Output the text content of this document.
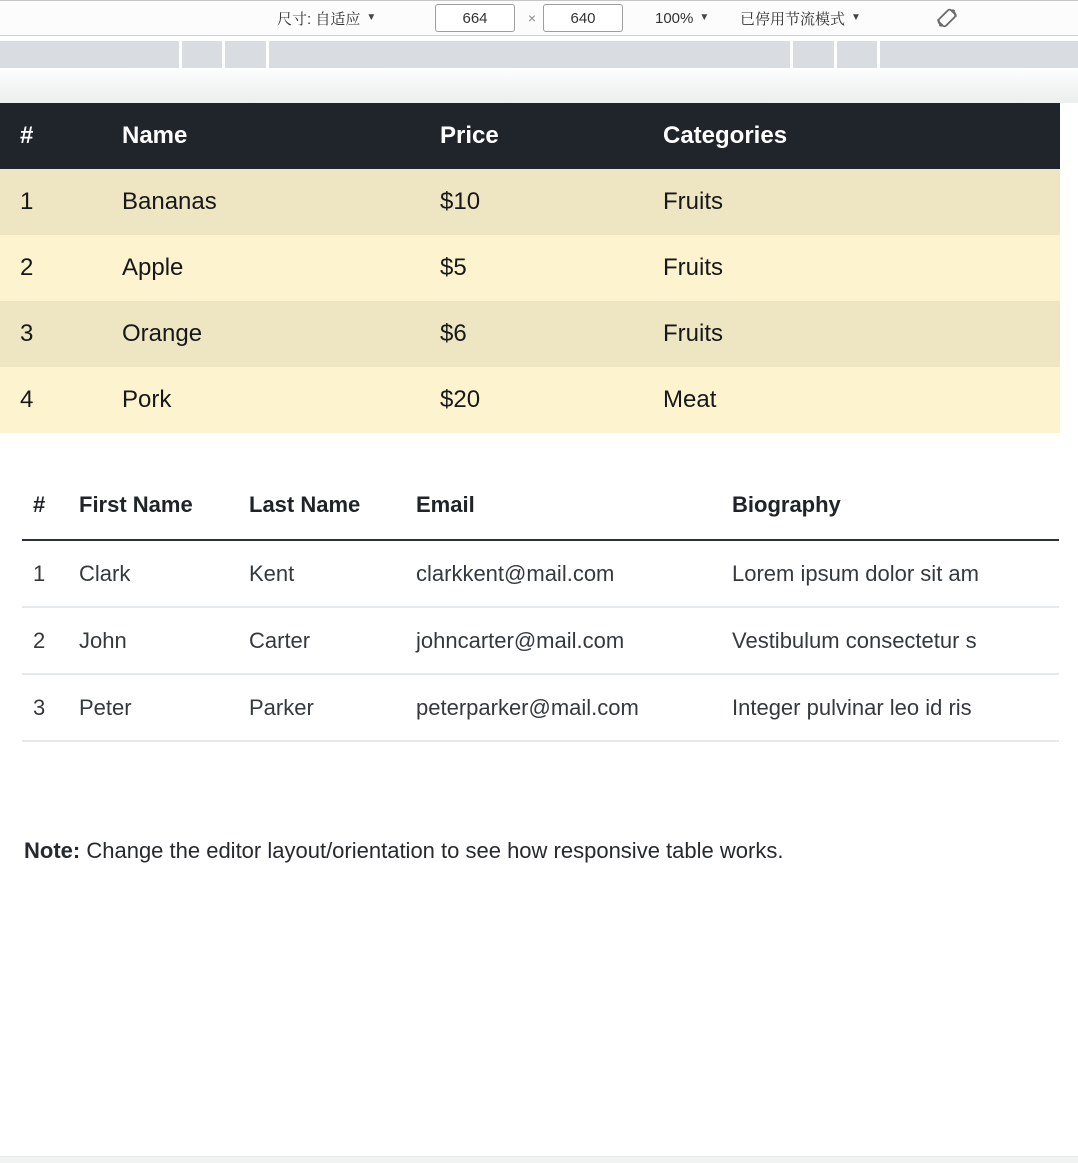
尺寸: 自适应 ▼
664	×
640	100% ▼ 已停用节流模式 ▼
#	Name	Price	Categories
1	Bananas	$10	Fruits
2	Apple	$5	Fruits
3	Orange	$6	Fruits
4	Pork	$20	Meat
#	First Name	Last Name	Email	Biography
1	Clark	Kent	clarkkent@mail.com	Lorem ipsum dolor sit am
2	John	Carter	johncarter@mail.com	Vestibulum consectetur s
3	Peter	Parker	peterparker@mail.com	Integer pulvinar leo id ris

Note: Change the editor layout/orientation to see how responsive table works.
